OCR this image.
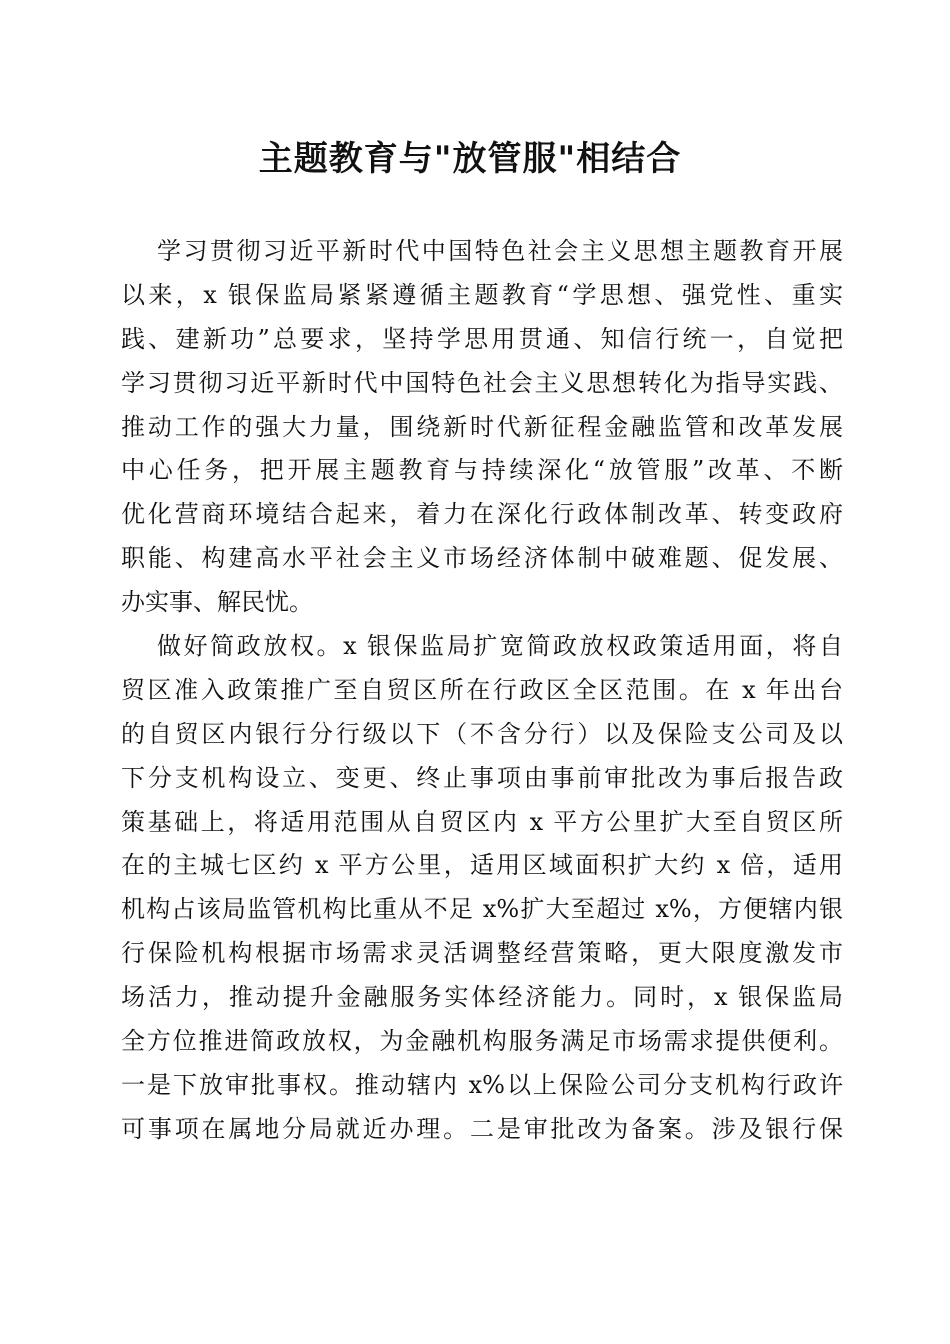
主题教育与"放管服"相结合
学习贯彻习近平新时代中国特色社会主义思想主题教育开展
以来，x 银保监局紧紧遵循主题教育“学思想、强党性、重实
践、建新功”总要求，坚持学思用贯通、知信行统一，自觉把
学习贯彻习近平新时代中国特色社会主义思想转化为指导实践、
推动工作的强大力量，围绕新时代新征程金融监管和改革发展
中心任务，把开展主题教育与持续深化“放管服”改革、不断
优化营商环境结合起来，着力在深化行政体制改革、转变政府
职能、构建高水平社会主义市场经济体制中破难题、促发展、
办实事、解民忧。
做好简政放权。x 银保监局扩宽简政放权政策适用面，将自
贸区准入政策推广至自贸区所在行政区全区范围。在 x 年出台
的自贸区内银行分行级以下（不含分行）以及保险支公司及以
下分支机构设立、变更、终止事项由事前审批改为事后报告政
策基础上，将适用范围从自贸区内 x 平方公里扩大至自贸区所
在的主城七区约 x 平方公里，适用区域面积扩大约 x 倍，适用
机构占该局监管机构比重从不足 x%扩大至超过 x%，方便辖内银
行保险机构根据市场需求灵活调整经营策略，更大限度激发市
场活力，推动提升金融服务实体经济能力。同时，x 银保监局
全方位推进简政放权，为金融机构服务满足市场需求提供便利。
一是下放审批事权。推动辖内 x%以上保险公司分支机构行政许
可事项在属地分局就近办理。二是审批改为备案。涉及银行保
